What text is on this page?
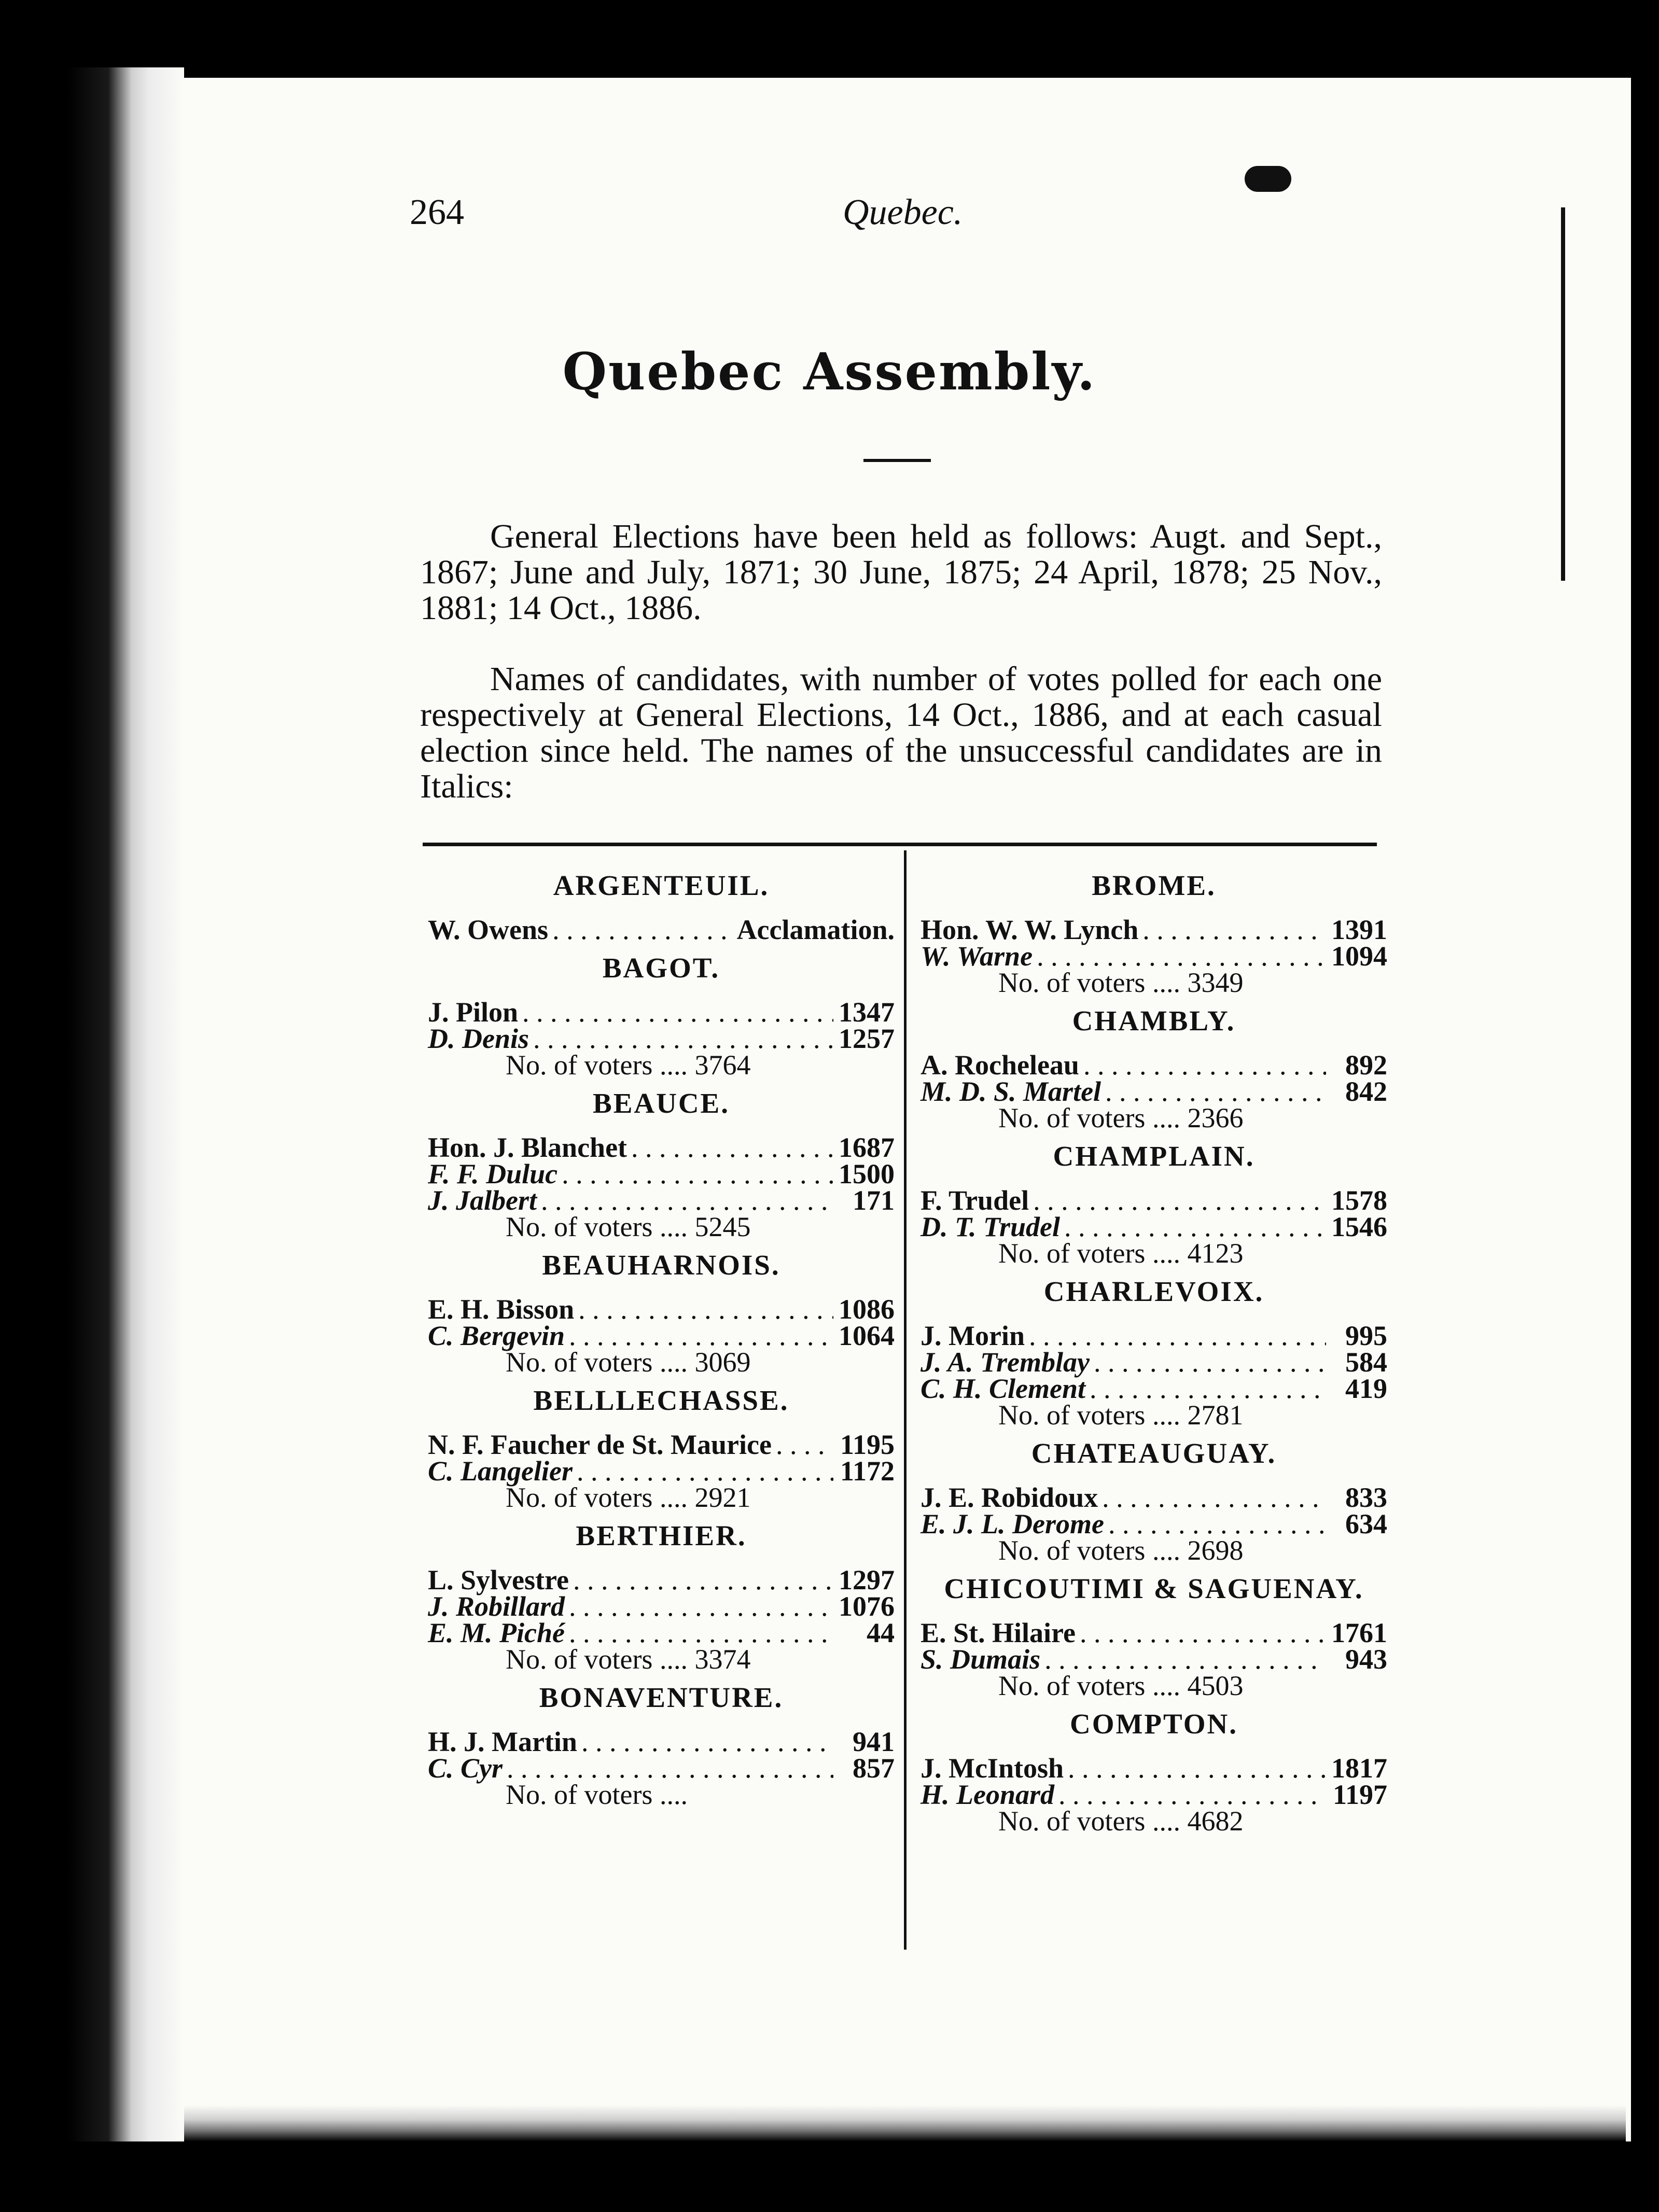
264	Quebec.
Quebec Assembly.

General Elections have been held as follows: Augt. and Sept., 1867; June and July, 1871; 30 June, 1875; 24 April, 1878; 25 Nov., 1881; 14 Oct., 1886.

Names of candidates, with number of votes polled for each one respectively at General Elections, 14 Oct., 1886, and at each casual election since held. The names of the unsuccessful candidates are in Italics:

ARGENTEUIL.
W. Owens . . .	Acclamation.
BAGOT.
J. Pilon . . .	1347
D. Denis . . .	1257
No. of voters .... 3764
BEAUCE.
Hon. J. Blanchet . . .	1687
F. F. Duluc . . .	1500
J. Jalbert . . .	171
No. of voters .... 5245
BEAUHARNOIS.
E. H. Bisson . . .	1086
C. Bergevin . . .	1064
No. of voters .... 3069
BELLLECHASSE.
N. F. Faucher de St. Maurice . . . 1195
C. Langelier . . .	1172
No. of voters .... 2921
BERTHIER.
L. Sylvestre . . .	1297
J. Robillard . . .	1076
E. M. Piché . . .	44
No. of voters .... 3374
BONAVENTURE.
H. J. Martin . . .	941
C. Cyr . . .	857
No. of voters ....
BROME.
Hon. W. W. Lynch . . .	1391
W. Warne . . .	1094
No. of voters .... 3349
CHAMBLY.
A. Rocheleau . . .	892
M. D. S. Martel . . .	842
No. of voters .... 2366
CHAMPLAIN.
F. Trudel . . .	1578
D. T. Trudel . . .	1546
No. of voters .... 4123
CHARLEVOIX.
J. Morin . . .	995
J. A. Tremblay . . .	584
C. H. Clement . . .	419
No. of voters .... 2781
CHATEAUGUAY.
J. E. Robidoux . . .	833
E. J. L. Derome . . .	634
No. of voters .... 2698
CHICOUTIMI & SAGUENAY.
E. St. Hilaire . . .	1761
S. Dumais . . .	943
No. of voters .... 4503
COMPTON.
J. McIntosh . . .	1817
H. Leonard . . .	1197
No. of voters .... 4682
